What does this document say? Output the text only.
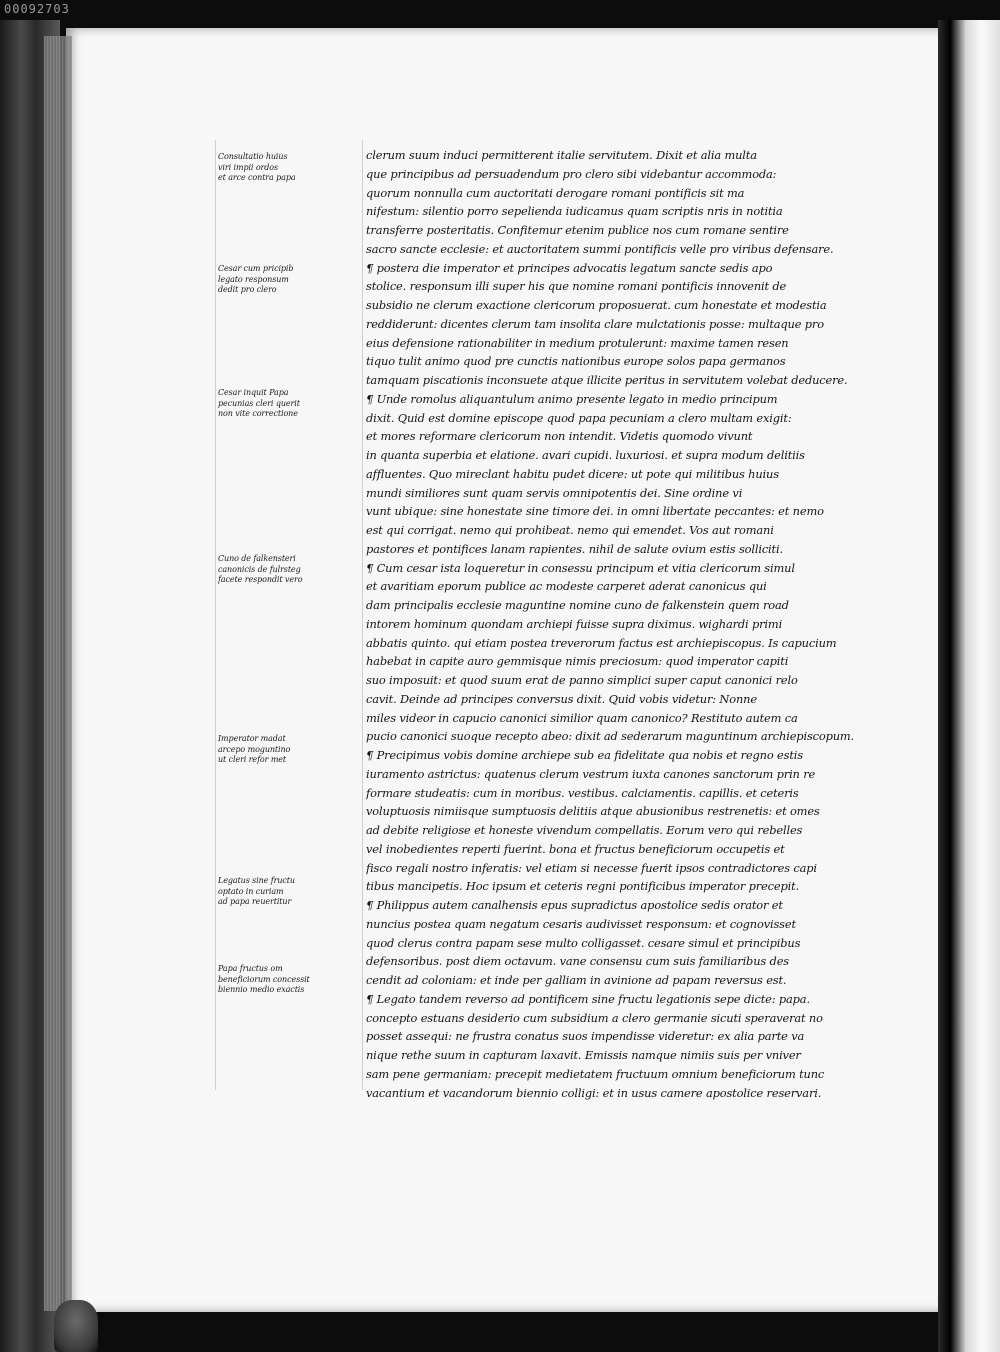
00092703
Consultatio huius
viri impii ordos
et arce contra papa
Cesar cum pricipib
legato responsum
dedit pro clero
Cesar inquit Papa
pecunias cleri querit
non vite correctione
Cuno de falkensteri
canonicis de fulrsteg
facete respondit vero
Imperator madat
arcepo moguntino
ut cleri refor met
Legatus sine fructu
optato in curiam
ad papa reuertitur
Papa fructus om
beneficiorum concessit
biennio medio exactis
clerum suum induci permitterent italie servitutem. Dixit et alia multa
que principibus ad persuadendum pro clero sibi videbantur accommoda:
quorum nonnulla cum auctoritati derogare romani pontificis sit ma
nifestum: silentio porro sepelienda iudicamus quam scriptis nris in notitia
transferre posteritatis. Confitemur etenim publice nos cum romane sentire
sacro sancte ecclesie: et auctoritatem summi pontificis velle pro viribus defensare.
¶ postera die imperator et principes advocatis legatum sancte sedis apo
stolice. responsum illi super his que nomine romani pontificis innovenit de
subsidio ne clerum exactione clericorum proposuerat. cum honestate et modestia
reddiderunt: dicentes clerum tam insolita clare mulctationis posse: multaque pro
eius defensione rationabiliter in medium protulerunt: maxime tamen resen
tiquo tulit animo quod pre cunctis nationibus europe solos papa germanos
tamquam piscationis inconsuete atque illicite peritus in servitutem volebat deducere.
¶ Unde romolus aliquantulum animo presente legato in medio principum
dixit. Quid est domine episcope quod papa pecuniam a clero multam exigit:
et mores reformare clericorum non intendit. Videtis quomodo vivunt
in quanta superbia et elatione. avari cupidi. luxuriosi. et supra modum delitiis
affluentes. Quo mireclant habitu pudet dicere: ut pote qui militibus huius
mundi similiores sunt quam servis omnipotentis dei. Sine ordine vi
vunt ubique: sine honestate sine timore dei. in omni libertate peccantes: et nemo
est qui corrigat. nemo qui prohibeat. nemo qui emendet. Vos aut romani
pastores et pontifices lanam rapientes. nihil de salute ovium estis solliciti.
¶ Cum cesar ista loqueretur in consessu principum et vitia clericorum simul
et avaritiam eporum publice ac modeste carperet aderat canonicus qui
dam principalis ecclesie maguntine nomine cuno de falkenstein quem road
intorem hominum quondam archiepi fuisse supra diximus. wighardi primi
abbatis quinto. qui etiam postea treverorum factus est archiepiscopus. Is capucium
habebat in capite auro gemmisque nimis preciosum: quod imperator capiti
suo imposuit: et quod suum erat de panno simplici super caput canonici relo
cavit. Deinde ad principes conversus dixit. Quid vobis videtur: Nonne
miles videor in capucio canonici similior quam canonico? Restituto autem ca
pucio canonici suoque recepto abeo: dixit ad sederarum maguntinum archiepiscopum.
¶ Precipimus vobis domine archiepe sub ea fidelitate qua nobis et regno estis
iuramento astrictus: quatenus clerum vestrum iuxta canones sanctorum prin re
formare studeatis: cum in moribus. vestibus. calciamentis. capillis. et ceteris
voluptuosis nimiisque sumptuosis delitiis atque abusionibus restrenetis: et omes
ad debite religiose et honeste vivendum compellatis. Eorum vero qui rebelles
vel inobedientes reperti fuerint. bona et fructus beneficiorum occupetis et
fisco regali nostro inferatis: vel etiam si necesse fuerit ipsos contradictores capi
tibus mancipetis. Hoc ipsum et ceteris regni pontificibus imperator precepit.
¶ Philippus autem canalhensis epus supradictus apostolice sedis orator et
nuncius postea quam negatum cesaris audivisset responsum: et cognovisset
quod clerus contra papam sese multo colligasset. cesare simul et principibus
defensoribus. post diem octavum. vane consensu cum suis familiaribus des
cendit ad coloniam: et inde per galliam in avinione ad papam reversus est.
¶ Legato tandem reverso ad pontificem sine fructu legationis sepe dicte: papa.
concepto estuans desiderio cum subsidium a clero germanie sicuti speraverat no
posset assequi: ne frustra conatus suos impendisse videretur: ex alia parte va
nique rethe suum in capturam laxavit. Emissis namque nimiis suis per vniver
sam pene germaniam: precepit medietatem fructuum omnium beneficiorum tunc
vacantium et vacandorum biennio colligi: et in usus camere apostolice reservari.
